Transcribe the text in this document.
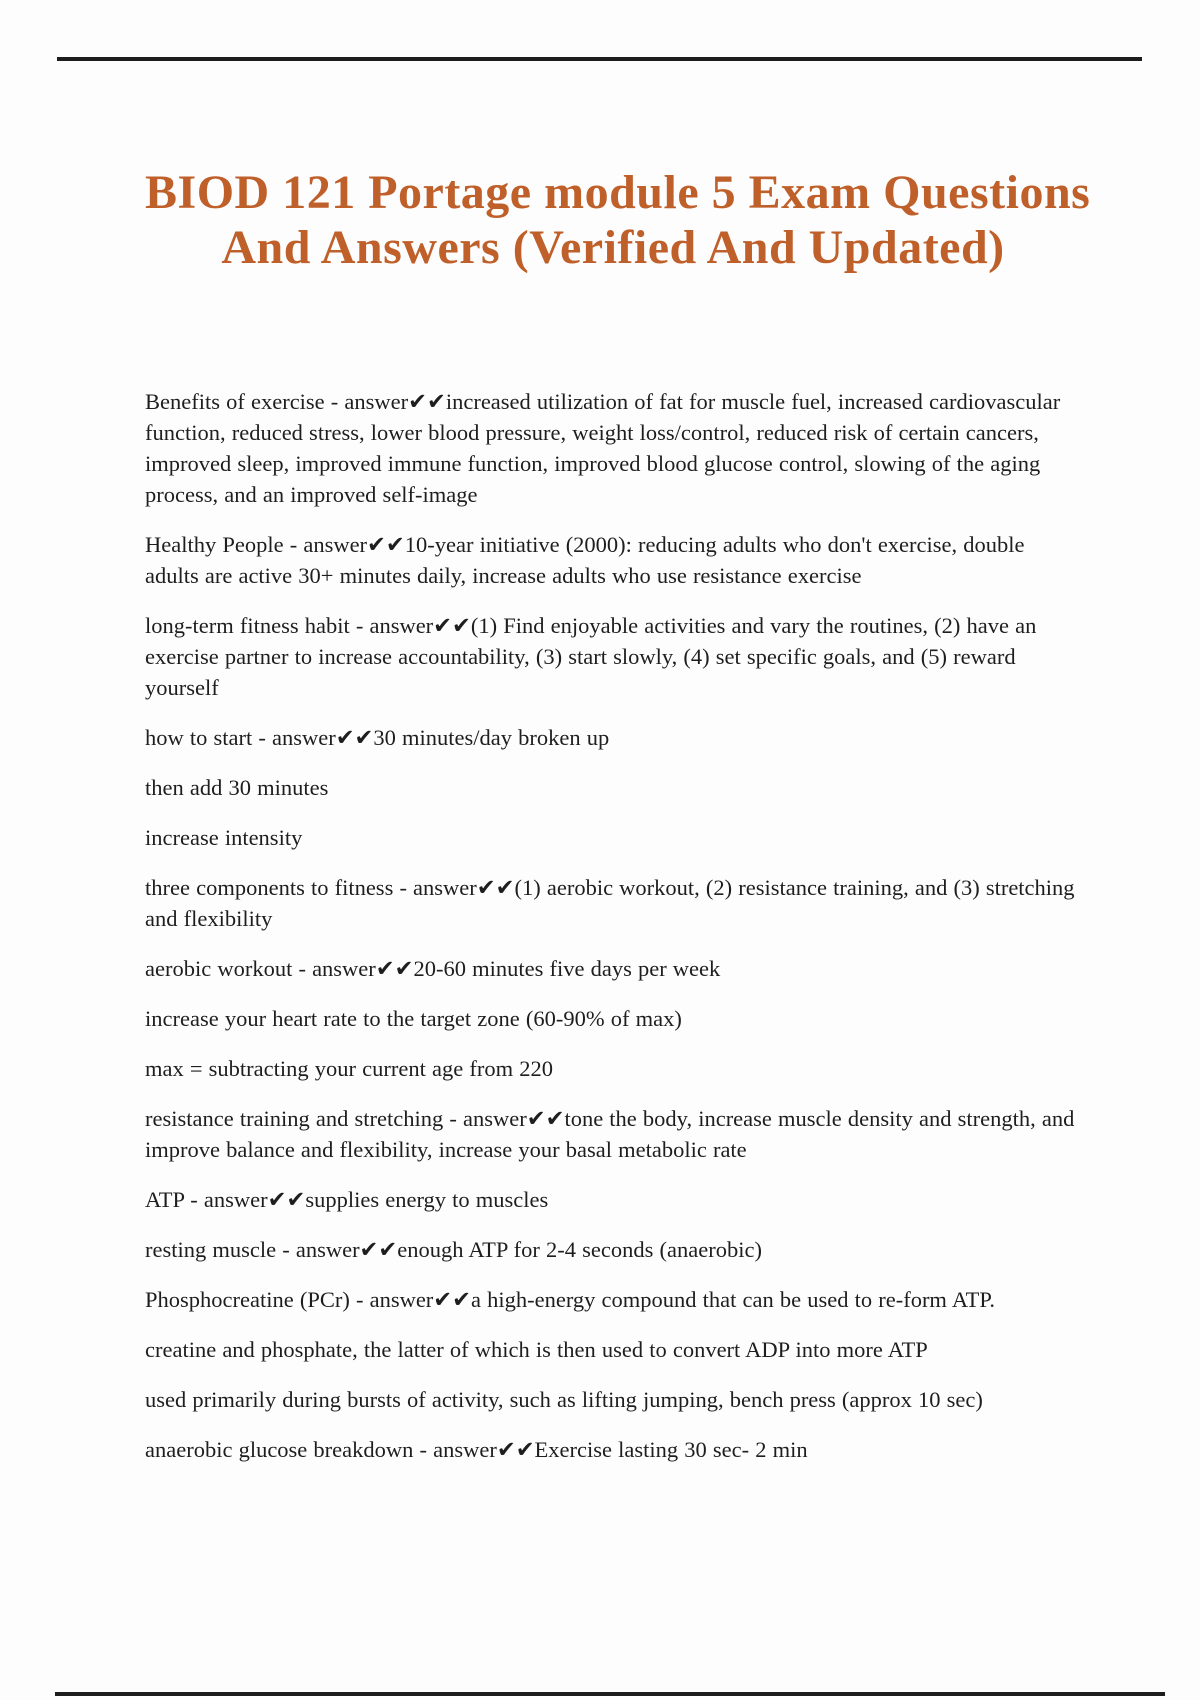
BIOD 121 Portage module 5 Exam Questions
And Answers (Verified And Updated)

Benefits of exercise - answer✔✔increased utilization of fat for muscle fuel, increased cardiovascular function, reduced stress, lower blood pressure, weight loss/control, reduced risk of certain cancers, improved sleep, improved immune function, improved blood glucose control, slowing of the aging process, and an improved self-image

Healthy People - answer✔✔10-year initiative (2000): reducing adults who don't exercise, double adults are active 30+ minutes daily, increase adults who use resistance exercise

long-term fitness habit - answer✔✔(1) Find enjoyable activities and vary the routines, (2) have an exercise partner to increase accountability, (3) start slowly, (4) set specific goals, and (5) reward yourself

how to start - answer✔✔30 minutes/day broken up

then add 30 minutes

increase intensity

three components to fitness - answer✔✔(1) aerobic workout, (2) resistance training, and (3) stretching and flexibility

aerobic workout - answer✔✔20-60 minutes five days per week

increase your heart rate to the target zone (60-90% of max)

max = subtracting your current age from 220

resistance training and stretching - answer✔✔tone the body, increase muscle density and strength, and improve balance and flexibility, increase your basal metabolic rate

ATP - answer✔✔supplies energy to muscles

resting muscle - answer✔✔enough ATP for 2-4 seconds (anaerobic)

Phosphocreatine (PCr) - answer✔✔a high-energy compound that can be used to re-form ATP.

creatine and phosphate, the latter of which is then used to convert ADP into more ATP

used primarily during bursts of activity, such as lifting jumping, bench press (approx 10 sec)

anaerobic glucose breakdown - answer✔✔Exercise lasting 30 sec- 2 min
